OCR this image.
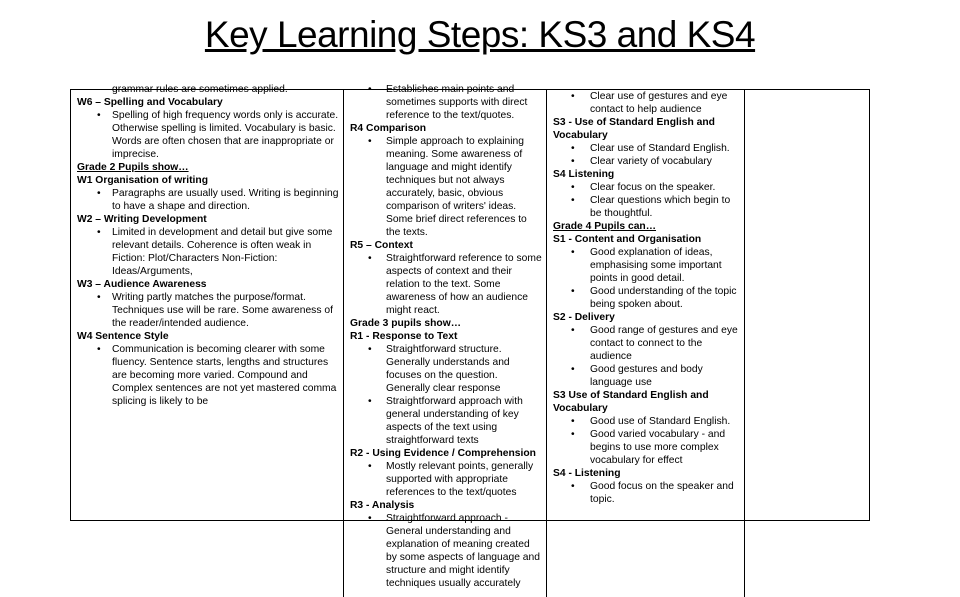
Key Learning Steps: KS3 and KS4
grammar rules are sometimes applied.
W6 – Spelling and Vocabulary
• Spelling of high frequency words only is accurate. Otherwise spelling is limited. Vocabulary is basic. Words are often chosen that are inappropriate or imprecise.
Grade 2 Pupils show…
W1 Organisation of writing
• Paragraphs are usually used. Writing is beginning to have a shape and direction.
W2 – Writing Development
• Limited in development and detail but give some relevant details. Coherence is often weak in Fiction: Plot/Characters Non-Fiction: Ideas/Arguments,
W3 – Audience Awareness
• Writing partly matches the purpose/format. Techniques use will be rare. Some awareness of the reader/intended audience.
W4 Sentence Style
• Communication is becoming clearer with some fluency. Sentence starts, lengths and structures are becoming more varied. Compound and Complex sentences are not yet mastered comma splicing is likely to be
• Establishes main points and sometimes supports with direct reference to the text/quotes.
R4 Comparison
• Simple approach to explaining meaning. Some awareness of language and might identify techniques but not always accurately, basic, obvious comparison of writers' ideas. Some brief direct references to the texts.
R5 – Context
• Straightforward reference to some aspects of context and their relation to the text. Some awareness of how an audience might react.
Grade 3 pupils show…
R1 - Response to Text
• Straightforward structure. Generally understands and focuses on the question. Generally clear response
• Straightforward approach with general understanding of key aspects of the text using straightforward texts
R2 - Using Evidence / Comprehension
• Mostly relevant points, generally supported with appropriate references to the text/quotes
R3 - Analysis
• Straightforward approach - General understanding and explanation of meaning created by some aspects of language and structure and might identify techniques usually accurately
• Clear use of gestures and eye contact to help audience
S3 - Use of Standard English and Vocabulary
• Clear use of Standard English.
• Clear variety of vocabulary
S4 Listening
• Clear focus on the speaker.
• Clear questions which begin to be thoughtful.
Grade 4 Pupils can…
S1 - Content and Organisation
• Good explanation of ideas, emphasising some important points in good detail.
• Good understanding of the topic being spoken about.
S2 - Delivery
• Good range of gestures and eye contact to connect to the audience
• Good gestures and body language use
S3 Use of Standard English and Vocabulary
• Good use of Standard English.
• Good varied vocabulary - and begins to use more complex vocabulary for effect
S4 - Listening
• Good focus on the speaker and topic.
